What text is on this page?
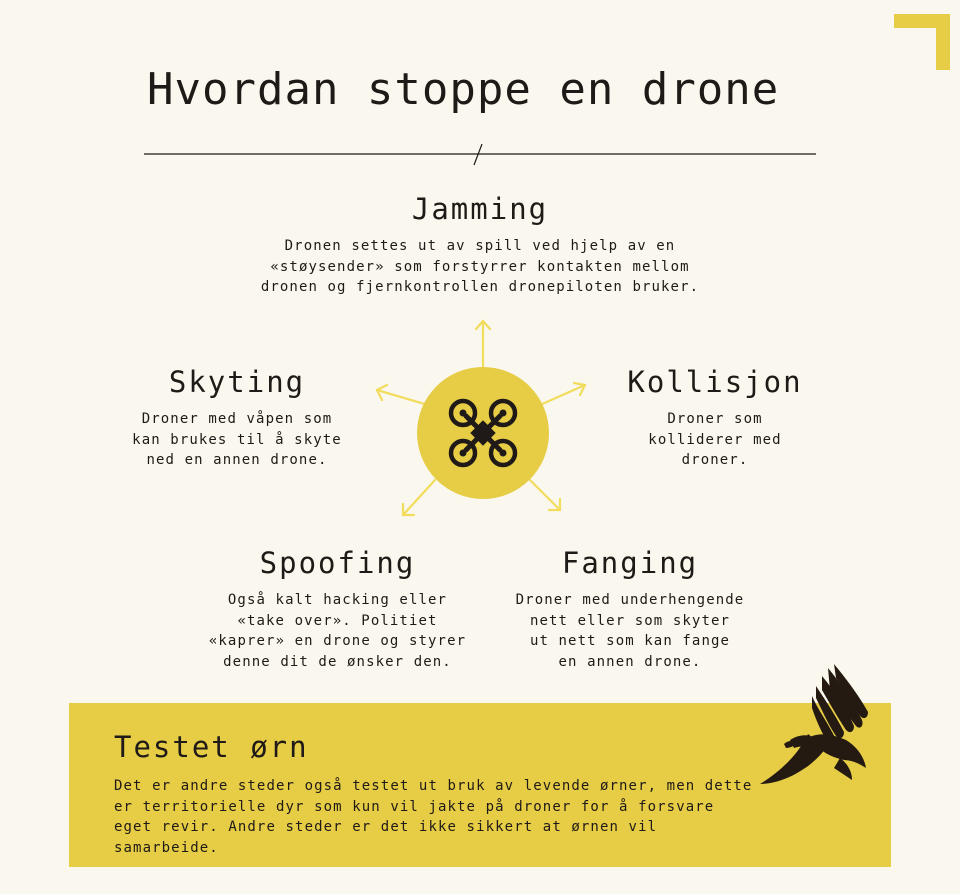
Hvordan stoppe en drone
Jamming

Dronen settes ut av spill ved hjelp av en
«støysender» som forstyrrer kontakten mellom
dronen og fjernkontrollen dronepiloten bruker.

Skyting

Droner med våpen som
kan brukes til å skyte
ned en annen drone.

Kollisjon

Droner som
kolliderer med
droner.

Spoofing

Også kalt hacking eller
«take over». Politiet
«kaprer» en drone og styrer
denne dit de ønsker den.

Fanging

Droner med underhengende
nett eller som skyter
ut nett som kan fange
en annen drone.

Testet ørn

Det er andre steder også testet ut bruk av levende ørner, men dette er territorielle dyr som kun vil jakte på droner for å forsvare eget revir. Andre steder er det ikke sikkert at ørnen vil samarbeide.
